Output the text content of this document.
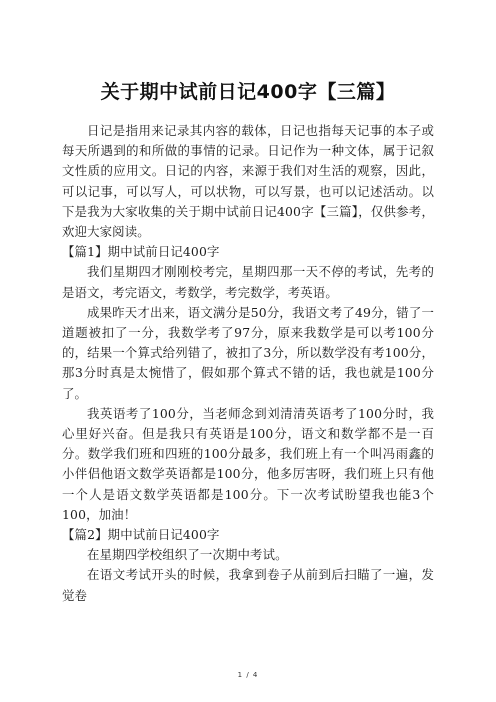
关于期中试前日记400字【三篇】

日记是指用来记录其内容的载体，日记也指每天记事的本子或每天所遇到的和所做的事情的记录。日记作为一种文体，属于记叙文性质的应用文。日记的内容，来源于我们对生活的观察，因此，可以记事，可以写人，可以状物，可以写景，也可以记述活动。以下是我为大家收集的关于期中试前日记400字【三篇】，仅供参考，欢迎大家阅读。

【篇1】期中试前日记400字

我们星期四才刚刚校考完，星期四那一天不停的考试，先考的是语文，考完语文，考数学，考完数学，考英语。

成果昨天才出来，语文满分是50分，我语文考了49分，错了一道题被扣了一分，我数学考了97分，原来我数学是可以考100分的，结果一个算式给列错了，被扣了3分，所以数学没有考100分，那3分时真是太惋惜了，假如那个算式不错的话，我也就是100分了。

我英语考了100分，当老师念到刘清清英语考了100分时，我心里好兴奋。但是我只有英语是100分，语文和数学都不是一百分。数学我们班和四班的100分最多，我们班上有一个叫冯雨鑫的小伴侣他语文数学英语都是100分，他多厉害呀，我们班上只有他一个人是语文数学英语都是100分。下一次考试盼望我也能3个100，加油！

【篇2】期中试前日记400字

在星期四学校组织了一次期中考试。

在语文考试开头的时候，我拿到卷子从前到后扫瞄了一遍，发觉卷

1 / 4
